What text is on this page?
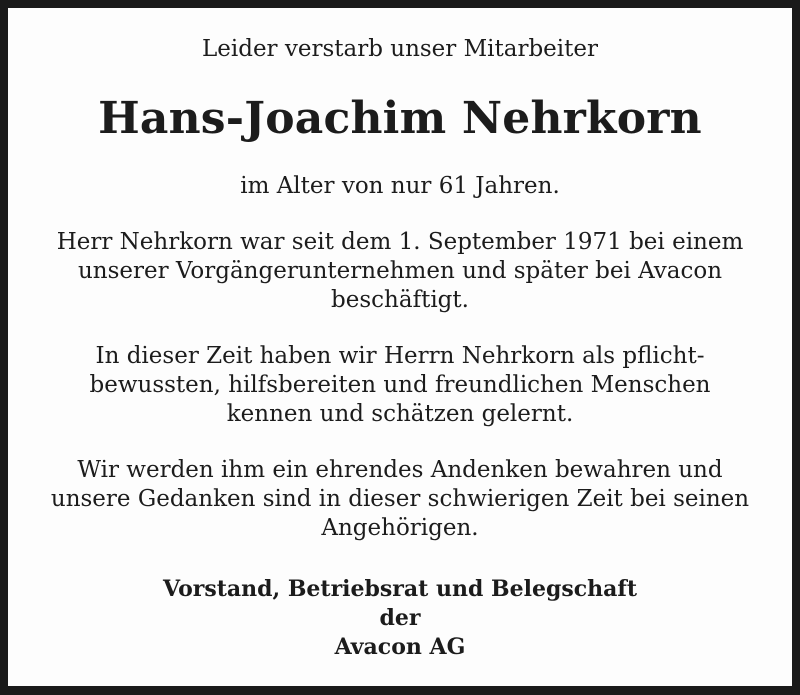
Leider verstarb unser Mitarbeiter
Hans-Joachim Nehrkorn
im Alter von nur 61 Jahren.
Herr Nehrkorn war seit dem 1. September 1971 bei einem
unserer Vorgängerunternehmen und später bei Avacon
beschäftigt.
In dieser Zeit haben wir Herrn Nehrkorn als pflicht-
bewussten, hilfsbereiten und freundlichen Menschen
kennen und schätzen gelernt.
Wir werden ihm ein ehrendes Andenken bewahren und
unsere Gedanken sind in dieser schwierigen Zeit bei seinen
Angehörigen.
Vorstand, Betriebsrat und Belegschaft
der
Avacon AG
